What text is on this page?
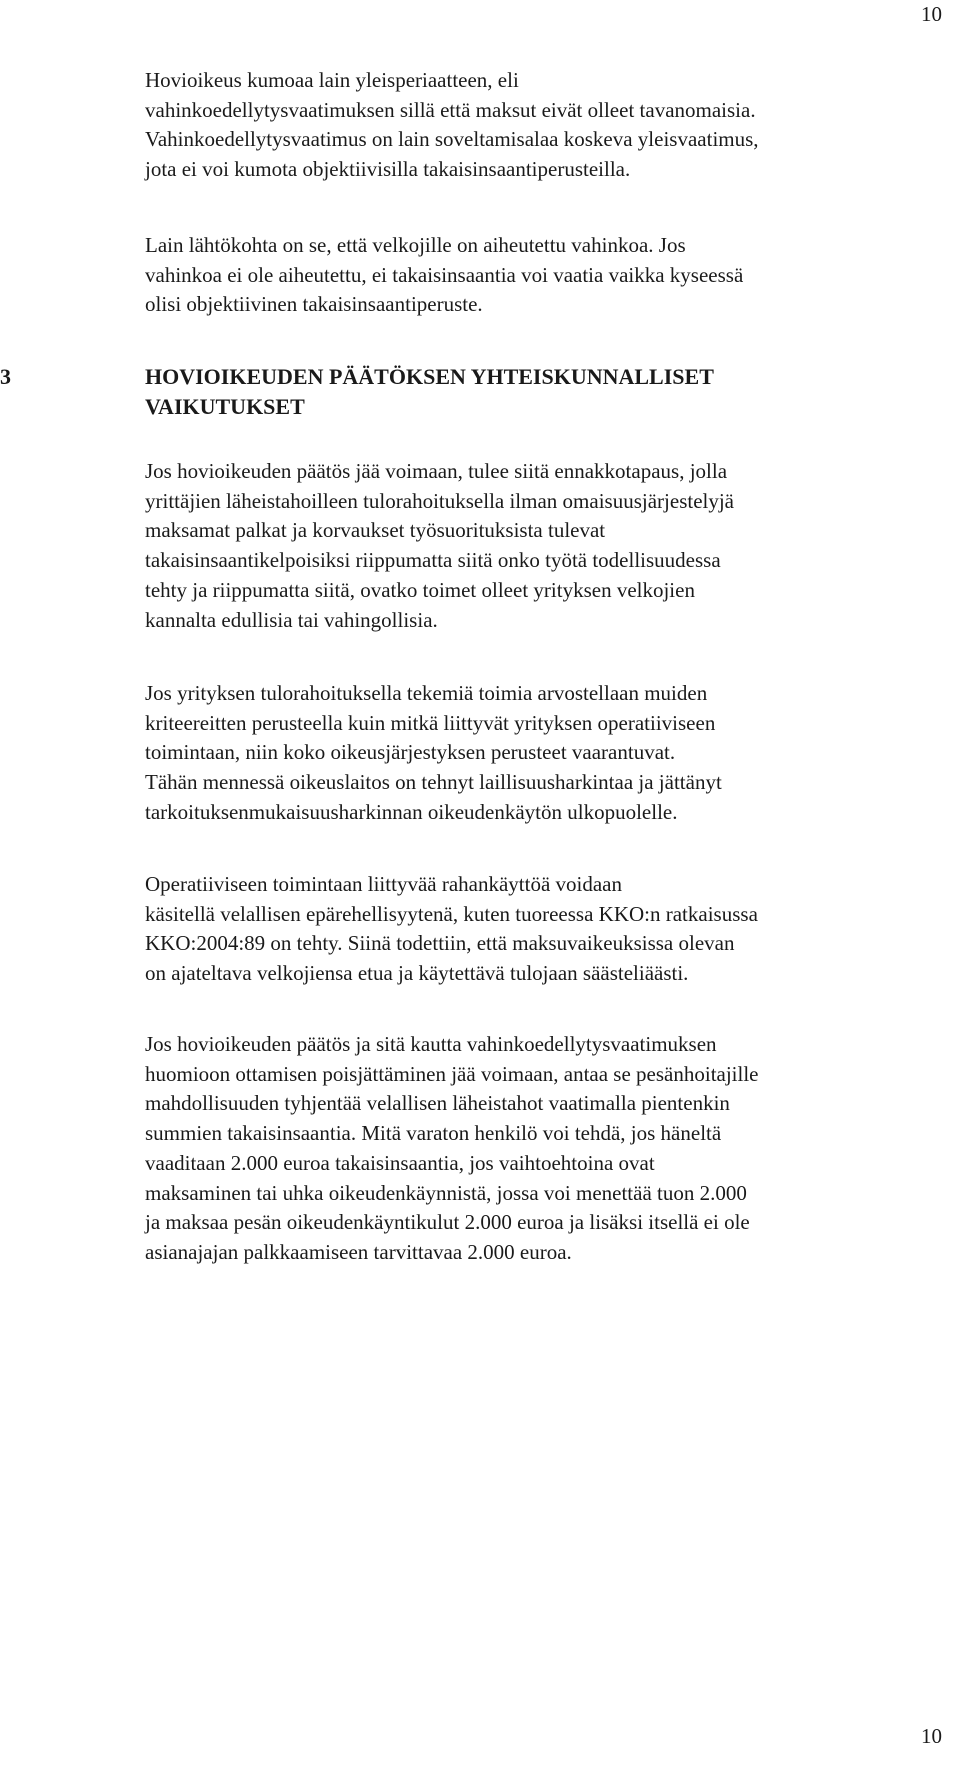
10
Hovioikeus kumoaa lain yleisperiaatteen, eli
vahinkoedellytysvaatimuksen sillä että maksut eivät olleet tavanomaisia.
Vahinkoedellytysvaatimus on lain soveltamisalaa koskeva yleisvaatimus,
jota ei voi kumota objektiivisilla takaisinsaantiperusteilla.
Lain lähtökohta on se, että velkojille on aiheutettu vahinkoa. Jos
vahinkoa ei ole aiheutettu, ei takaisinsaantia voi vaatia vaikka kyseessä
olisi objektiivinen takaisinsaantiperuste.
3	HOVIOIKEUDEN PÄÄTÖKSEN YHTEISKUNNALLISET
VAIKUTUKSET
Jos hovioikeuden päätös jää voimaan, tulee siitä ennakkotapaus, jolla
yrittäjien läheistahoilleen tulorahoituksella ilman omaisuusjärjestelyjä
maksamat palkat ja korvaukset työsuorituksista tulevat
takaisinsaantikelpoisiksi riippumatta siitä onko työtä todellisuudessa
tehty ja riippumatta siitä, ovatko toimet olleet yrityksen velkojien
kannalta edullisia tai vahingollisia.
Jos yrityksen tulorahoituksella tekemiä toimia arvostellaan muiden
kriteereitten perusteella kuin mitkä liittyvät yrityksen operatiiviseen
toimintaan, niin koko oikeusjärjestyksen perusteet vaarantuvat.
Tähän mennessä oikeuslaitos on tehnyt laillisuusharkintaa ja jättänyt
tarkoituksenmukaisuusharkinnan oikeudenkäytön ulkopuolelle.
Operatiiviseen toimintaan liittyvää rahankäyttöä voidaan
käsitellä velallisen epärehellisyytenä, kuten tuoreessa KKO:n ratkaisussa
KKO:2004:89 on tehty. Siinä todettiin, että maksuvaikeuksissa olevan
on ajateltava velkojiensa etua ja käytettävä tulojaan säästeliäästi.
Jos hovioikeuden päätös ja sitä kautta vahinkoedellytysvaatimuksen
huomioon ottamisen poisjättäminen jää voimaan, antaa se pesänhoitajille
mahdollisuuden tyhjentää velallisen läheistahot vaatimalla pientenkin
summien takaisinsaantia. Mitä varaton henkilö voi tehdä, jos häneltä
vaaditaan 2.000 euroa takaisinsaantia, jos vaihtoehtoina ovat
maksaminen tai uhka oikeudenkäynnistä, jossa voi menettää tuon 2.000
ja maksaa pesän oikeudenkäyntikulut 2.000 euroa ja lisäksi itsellä ei ole
asianajajan palkkaamiseen tarvittavaa 2.000 euroa.
10
